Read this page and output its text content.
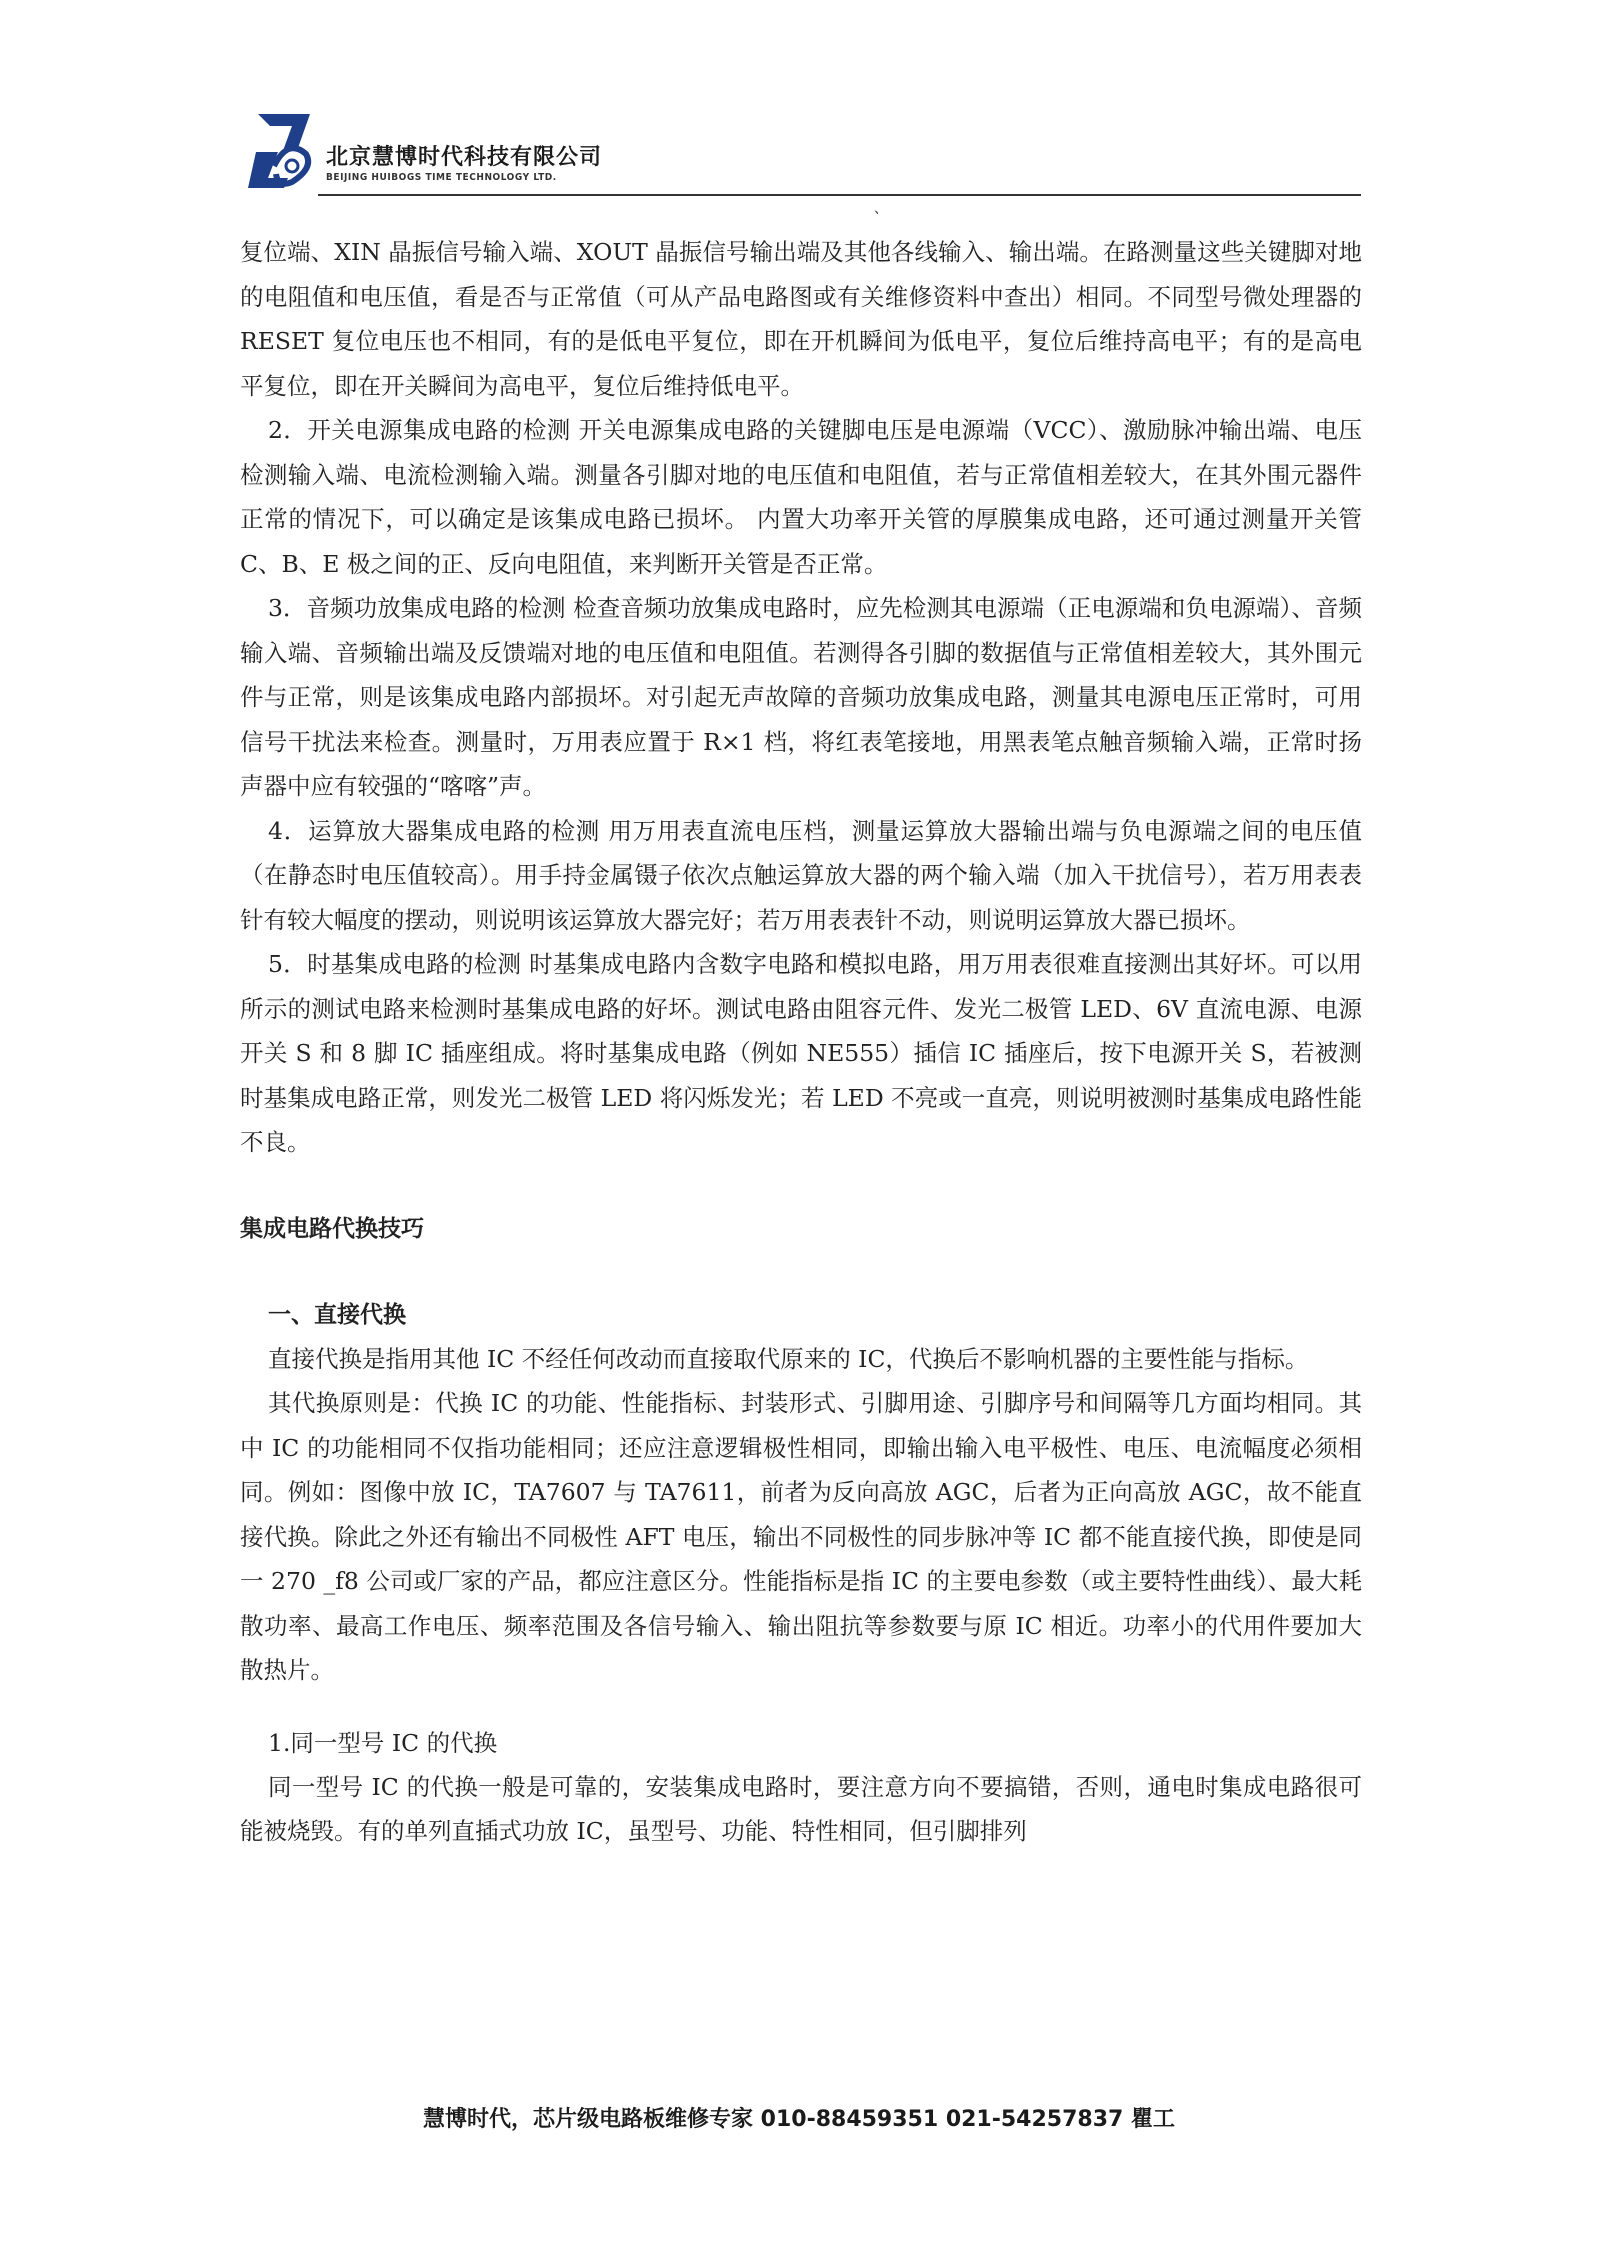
北京慧博时代科技有限公司
BEIJING HUIBOGS TIME TECHNOLOGY LTD.
、

复位端、XIN 晶振信号输入端、XOUT 晶振信号输出端及其他各线输入、输出端。在路测量这些关键脚对地的电阻值和电压值，看是否与正常值（可从产品电路图或有关维修资料中查出）相同。不同型号微处理器的 RESET 复位电压也不相同，有的是低电平复位，即在开机瞬间为低电平，复位后维持高电平；有的是高电平复位，即在开关瞬间为高电平，复位后维持低电平。

2．开关电源集成电路的检测 开关电源集成电路的关键脚电压是电源端（VCC）、激励脉冲输出端、电压检测输入端、电流检测输入端。测量各引脚对地的电压值和电阻值，若与正常值相差较大，在其外围元器件正常的情况下，可以确定是该集成电路已损坏。 内置大功率开关管的厚膜集成电路，还可通过测量开关管 C、B、E 极之间的正、反向电阻值，来判断开关管是否正常。

3．音频功放集成电路的检测 检查音频功放集成电路时，应先检测其电源端（正电源端和负电源端）、音频输入端、音频输出端及反馈端对地的电压值和电阻值。若测得各引脚的数据值与正常值相差较大，其外围元件与正常，则是该集成电路内部损坏。对引起无声故障的音频功放集成电路，测量其电源电压正常时，可用信号干扰法来检查。测量时，万用表应置于 R×1 档，将红表笔接地，用黑表笔点触音频输入端，正常时扬声器中应有较强的“喀喀”声。

4．运算放大器集成电路的检测 用万用表直流电压档，测量运算放大器输出端与负电源端之间的电压值（在静态时电压值较高）。用手持金属镊子依次点触运算放大器的两个输入端（加入干扰信号），若万用表表针有较大幅度的摆动，则说明该运算放大器完好；若万用表表针不动，则说明运算放大器已损坏。

5．时基集成电路的检测 时基集成电路内含数字电路和模拟电路，用万用表很难直接测出其好坏。可以用所示的测试电路来检测时基集成电路的好坏。测试电路由阻容元件、发光二极管 LED、6V 直流电源、电源开关 S 和 8 脚 IC 插座组成。将时基集成电路（例如 NE555）插信 IC 插座后，按下电源开关 S，若被测时基集成电路正常，则发光二极管 LED 将闪烁发光；若 LED 不亮或一直亮，则说明被测时基集成电路性能不良。

集成电路代换技巧

一、直接代换

直接代换是指用其他 IC 不经任何改动而直接取代原来的 IC，代换后不影响机器的主要性能与指标。

其代换原则是：代换 IC 的功能、性能指标、封装形式、引脚用途、引脚序号和间隔等几方面均相同。其中 IC 的功能相同不仅指功能相同；还应注意逻辑极性相同，即输出输入电平极性、电压、电流幅度必须相同。例如：图像中放 IC，TA7607 与 TA7611，前者为反向高放 AGC，后者为正向高放 AGC，故不能直接代换。除此之外还有输出不同极性 AFT 电压，输出不同极性的同步脉冲等 IC 都不能直接代换，即使是同一 270 _f8 公司或厂家的产品，都应注意区分。性能指标是指 IC 的主要电参数（或主要特性曲线）、最大耗散功率、最高工作电压、频率范围及各信号输入、输出阻抗等参数要与原 IC 相近。功率小的代用件要加大散热片。

1.同一型号 IC 的代换

同一型号 IC 的代换一般是可靠的，安装集成电路时，要注意方向不要搞错，否则，通电时集成电路很可能被烧毁。有的单列直插式功放 IC，虽型号、功能、特性相同，但引脚排列

慧博时代，芯片级电路板维修专家 010-88459351 021-54257837 瞿工
